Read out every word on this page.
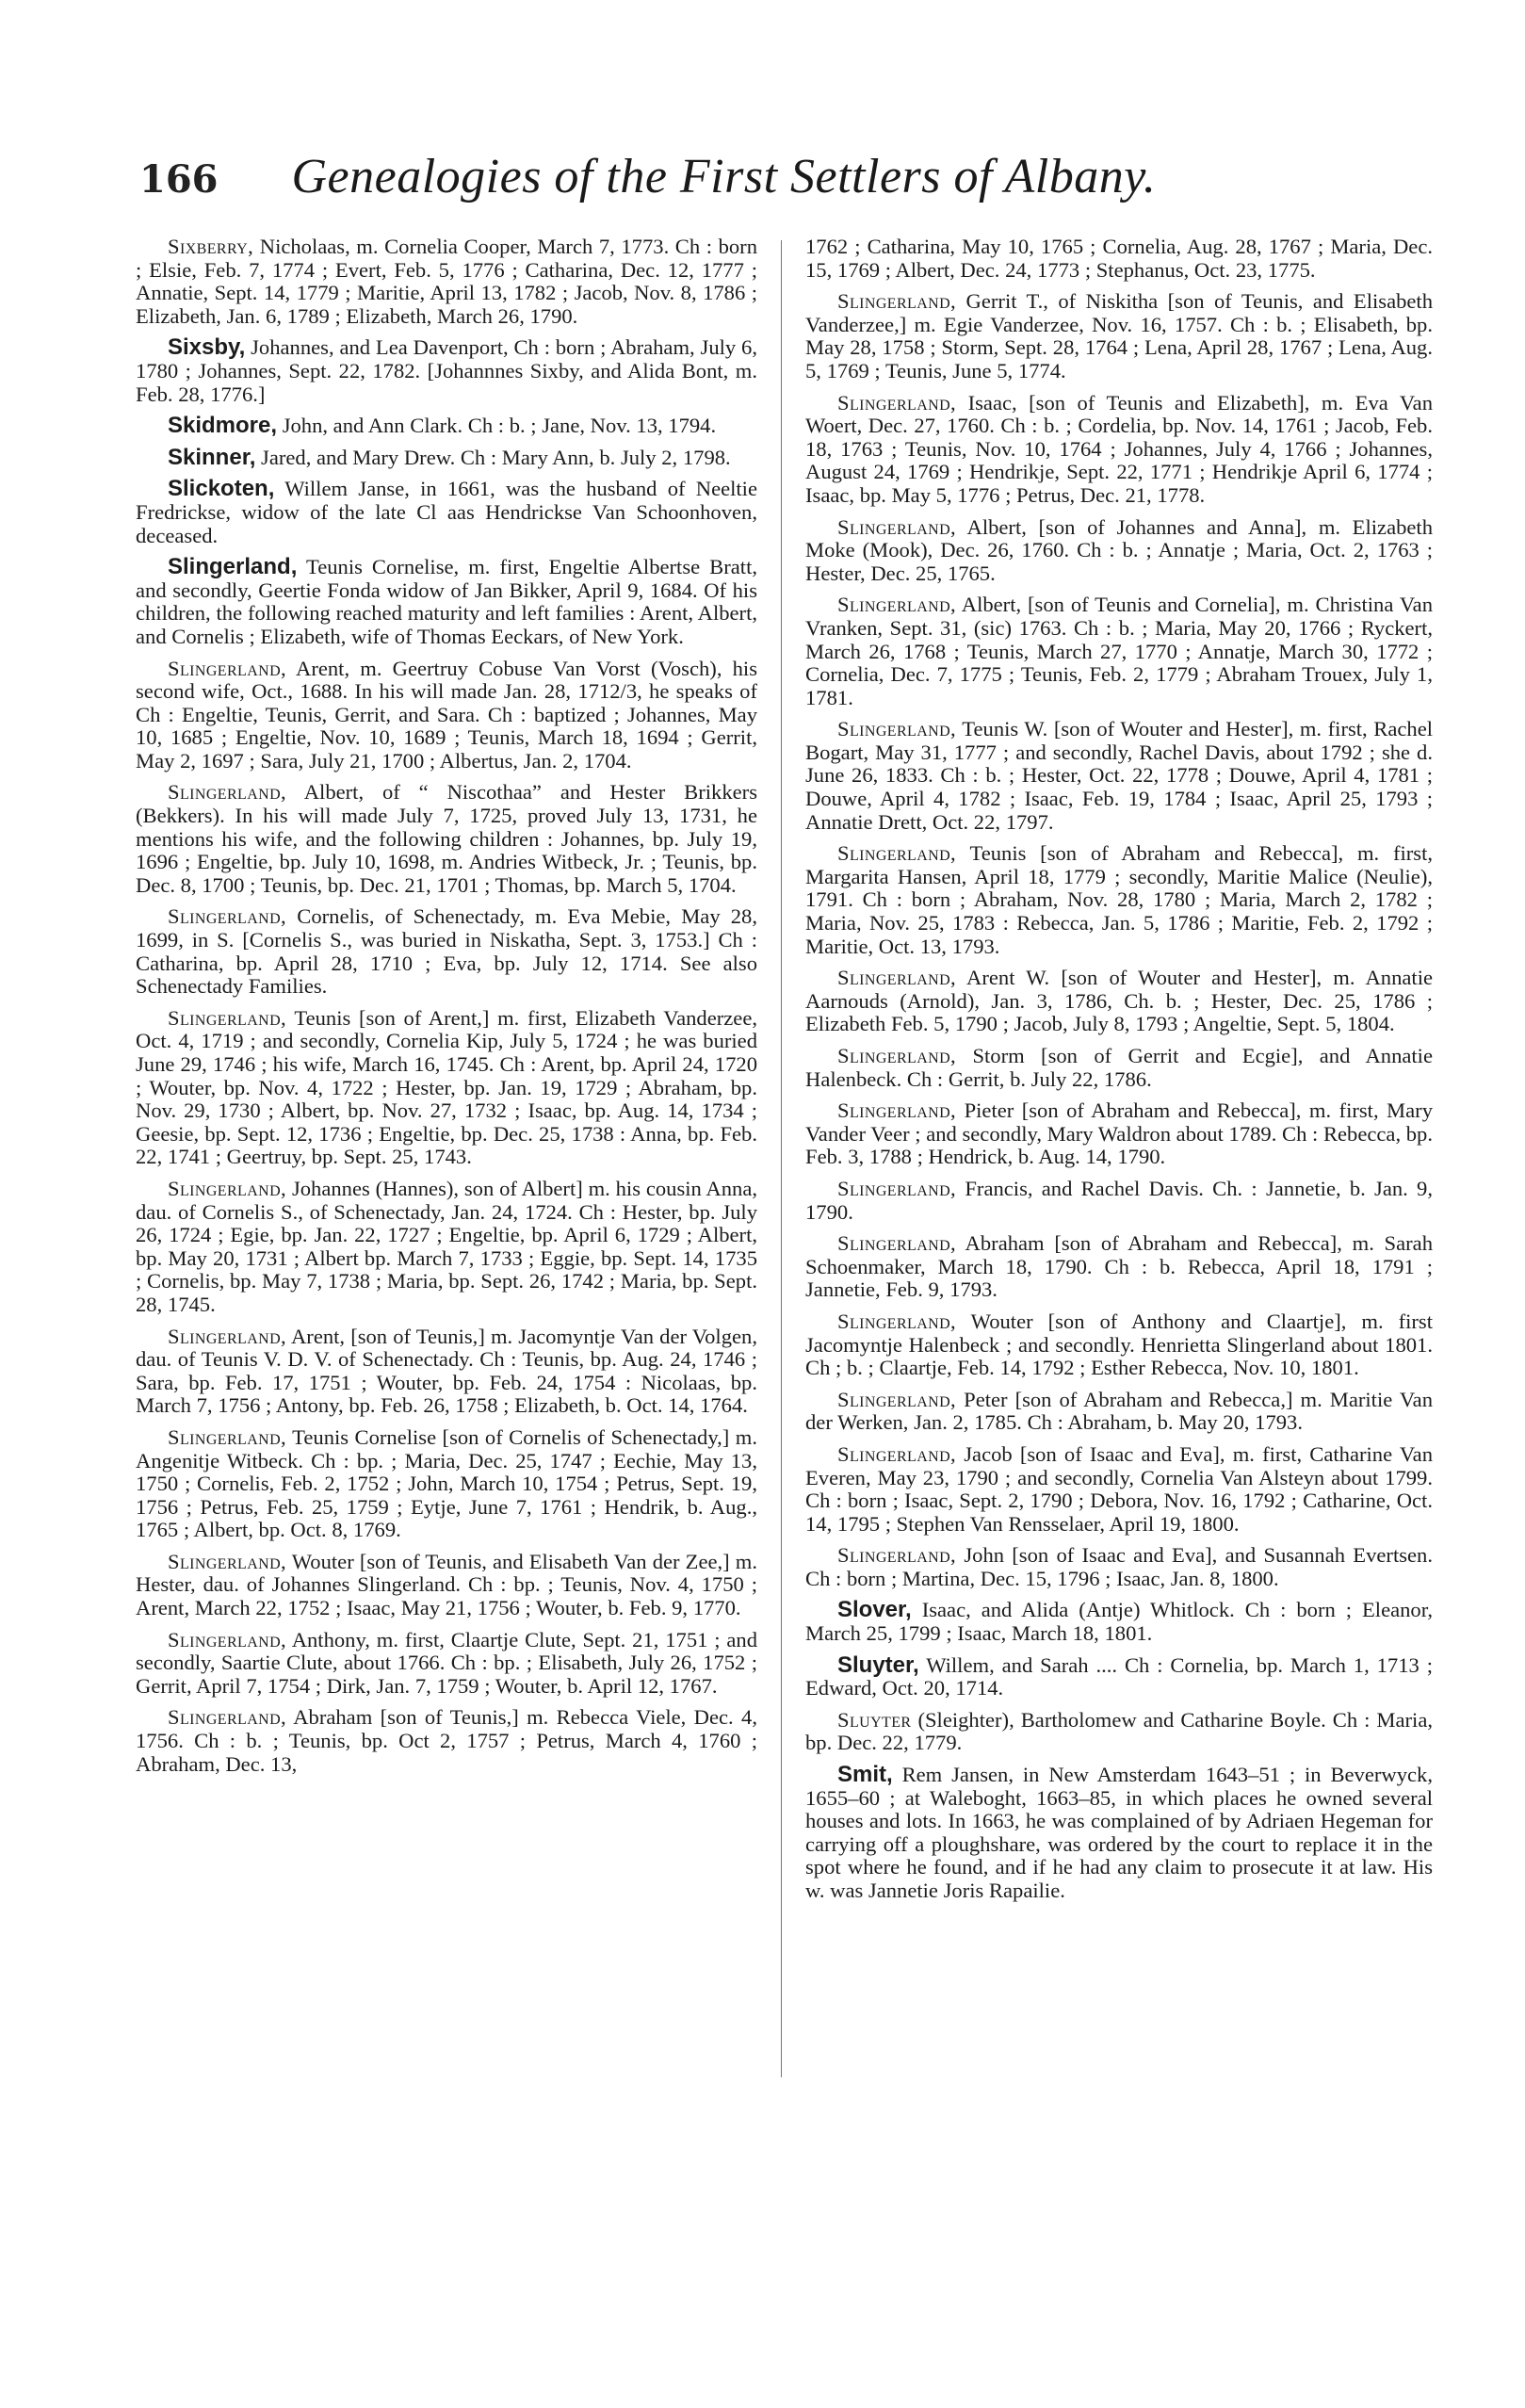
166 Genealogies of the First Settlers of Albany.

Sixberry, Nicholaas, m. Cornelia Cooper, March 7, 1773. Ch : born ; Elsie, Feb. 7, 1774 ; Evert, Feb. 5, 1776 ; Catharina, Dec. 12, 1777 ; Annatie, Sept. 14, 1779 ; Maritie, April 13, 1782 ; Jacob, Nov. 8, 1786 ; Elizabeth, Jan. 6, 1789 ; Elizabeth, March 26, 1790.

Sixsby, Johannes, and Lea Davenport, Ch : born ; Abraham, July 6, 1780 ; Johannes, Sept. 22, 1782. [Johannnes Sixby, and Alida Bont, m. Feb. 28, 1776.]

Skidmore, John, and Ann Clark. Ch : b. ; Jane, Nov. 13, 1794.

Skinner, Jared, and Mary Drew. Ch : Mary Ann, b. July 2, 1798.

Slickoten, Willem Janse, in 1661, was the husband of Neeltie Fredrickse, widow of the late Cl aas Hendrickse Van Schoonhoven, deceased.

Slingerland, Teunis Cornelise, m. first, Engeltie Albertse Bratt, and secondly, Geertie Fonda widow of Jan Bikker, April 9, 1684. Of his children, the following reached maturity and left families : Arent, Albert, and Cornelis ; Elizabeth, wife of Thomas Eeckars, of New York.

Slingerland, Arent, m. Geertruy Cobuse Van Vorst (Vosch), his second wife, Oct., 1688. In his will made Jan. 28, 1712/3, he speaks of Ch : Engeltie, Teunis, Gerrit, and Sara. Ch : baptized ; Johannes, May 10, 1685 ; Engeltie, Nov. 10, 1689 ; Teunis, March 18, 1694 ; Gerrit, May 2, 1697 ; Sara, July 21, 1700 ; Albertus, Jan. 2, 1704.

Slingerland, Albert, of “ Niscothaa” and Hester Brikkers (Bekkers). In his will made July 7, 1725, proved July 13, 1731, he mentions his wife, and the following children : Johannes, bp. July 19, 1696 ; Engeltie, bp. July 10, 1698, m. Andries Witbeck, Jr. ; Teunis, bp. Dec. 8, 1700 ; Teunis, bp. Dec. 21, 1701 ; Thomas, bp. March 5, 1704.

Slingerland, Cornelis, of Schenectady, m. Eva Mebie, May 28, 1699, in S. [Cornelis S., was buried in Niskatha, Sept. 3, 1753.] Ch : Catharina, bp. April 28, 1710 ; Eva, bp. July 12, 1714. See also Schenectady Families.

Slingerland, Teunis [son of Arent,] m. first, Elizabeth Vanderzee, Oct. 4, 1719 ; and secondly, Cornelia Kip, July 5, 1724 ; he was buried June 29, 1746 ; his wife, March 16, 1745. Ch : Arent, bp. April 24, 1720 ; Wouter, bp. Nov. 4, 1722 ; Hester, bp. Jan. 19, 1729 ; Abraham, bp. Nov. 29, 1730 ; Albert, bp. Nov. 27, 1732 ; Isaac, bp. Aug. 14, 1734 ; Geesie, bp. Sept. 12, 1736 ; Engeltie, bp. Dec. 25, 1738 : Anna, bp. Feb. 22, 1741 ; Geertruy, bp. Sept. 25, 1743.

Slingerland, Johannes (Hannes), son of Albert] m. his cousin Anna, dau. of Cornelis S., of Schenectady, Jan. 24, 1724. Ch : Hester, bp. July 26, 1724 ; Egie, bp. Jan. 22, 1727 ; Engeltie, bp. April 6, 1729 ; Albert, bp. May 20, 1731 ; Albert bp. March 7, 1733 ; Eggie, bp. Sept. 14, 1735 ; Cornelis, bp. May 7, 1738 ; Maria, bp. Sept. 26, 1742 ; Maria, bp. Sept. 28, 1745.

Slingerland, Arent, [son of Teunis,] m. Jacomyntje Van der Volgen, dau. of Teunis V. D. V. of Schenectady. Ch : Teunis, bp. Aug. 24, 1746 ; Sara, bp. Feb. 17, 1751 ; Wouter, bp. Feb. 24, 1754 : Nicolaas, bp. March 7, 1756 ; Antony, bp. Feb. 26, 1758 ; Elizabeth, b. Oct. 14, 1764.

Slingerland, Teunis Cornelise [son of Cornelis of Schenectady,] m. Angenitje Witbeck. Ch : bp. ; Maria, Dec. 25, 1747 ; Eechie, May 13, 1750 ; Cornelis, Feb. 2, 1752 ; John, March 10, 1754 ; Petrus, Sept. 19, 1756 ; Petrus, Feb. 25, 1759 ; Eytje, June 7, 1761 ; Hendrik, b. Aug., 1765 ; Albert, bp. Oct. 8, 1769.

Slingerland, Wouter [son of Teunis, and Elisabeth Van der Zee,] m. Hester, dau. of Johannes Slingerland. Ch : bp. ; Teunis, Nov. 4, 1750 ; Arent, March 22, 1752 ; Isaac, May 21, 1756 ; Wouter, b. Feb. 9, 1770.

Slingerland, Anthony, m. first, Claartje Clute, Sept. 21, 1751 ; and secondly, Saartie Clute, about 1766. Ch : bp. ; Elisabeth, July 26, 1752 ; Gerrit, April 7, 1754 ; Dirk, Jan. 7, 1759 ; Wouter, b. April 12, 1767.

Slingerland, Abraham [son of Teunis,] m. Rebecca Viele, Dec. 4, 1756. Ch : b. ; Teunis, bp. Oct 2, 1757 ; Petrus, March 4, 1760 ; Abraham, Dec. 13,

1762 ; Catharina, May 10, 1765 ; Cornelia, Aug. 28, 1767 ; Maria, Dec. 15, 1769 ; Albert, Dec. 24, 1773 ; Stephanus, Oct. 23, 1775.

Slingerland, Gerrit T., of Niskitha [son of Teunis, and Elisabeth Vanderzee,] m. Egie Vanderzee, Nov. 16, 1757. Ch : b. ; Elisabeth, bp. May 28, 1758 ; Storm, Sept. 28, 1764 ; Lena, April 28, 1767 ; Lena, Aug. 5, 1769 ; Teunis, June 5, 1774.

Slingerland, Isaac, [son of Teunis and Elizabeth], m. Eva Van Woert, Dec. 27, 1760. Ch : b. ; Cordelia, bp. Nov. 14, 1761 ; Jacob, Feb. 18, 1763 ; Teunis, Nov. 10, 1764 ; Johannes, July 4, 1766 ; Johannes, August 24, 1769 ; Hendrikje, Sept. 22, 1771 ; Hendrikje April 6, 1774 ; Isaac, bp. May 5, 1776 ; Petrus, Dec. 21, 1778.

Slingerland, Albert, [son of Johannes and Anna], m. Elizabeth Moke (Mook), Dec. 26, 1760. Ch : b. ; Annatje ; Maria, Oct. 2, 1763 ; Hester, Dec. 25, 1765.

Slingerland, Albert, [son of Teunis and Cornelia], m. Christina Van Vranken, Sept. 31, (sic) 1763. Ch : b. ; Maria, May 20, 1766 ; Ryckert, March 26, 1768 ; Teunis, March 27, 1770 ; Annatje, March 30, 1772 ; Cornelia, Dec. 7, 1775 ; Teunis, Feb. 2, 1779 ; Abraham Trouex, July 1, 1781.

Slingerland, Teunis W. [son of Wouter and Hester], m. first, Rachel Bogart, May 31, 1777 ; and secondly, Rachel Davis, about 1792 ; she d. June 26, 1833. Ch : b. ; Hester, Oct. 22, 1778 ; Douwe, April 4, 1781 ; Douwe, April 4, 1782 ; Isaac, Feb. 19, 1784 ; Isaac, April 25, 1793 ; Annatie Drett, Oct. 22, 1797.

Slingerland, Teunis [son of Abraham and Rebecca], m. first, Margarita Hansen, April 18, 1779 ; secondly, Maritie Malice (Neulie), 1791. Ch : born ; Abraham, Nov. 28, 1780 ; Maria, March 2, 1782 ; Maria, Nov. 25, 1783 : Rebecca, Jan. 5, 1786 ; Maritie, Feb. 2, 1792 ; Maritie, Oct. 13, 1793.

Slingerland, Arent W. [son of Wouter and Hester], m. Annatie Aarnouds (Arnold), Jan. 3, 1786, Ch. b. ; Hester, Dec. 25, 1786 ; Elizabeth Feb. 5, 1790 ; Jacob, July 8, 1793 ; Angeltie, Sept. 5, 1804.

Slingerland, Storm [son of Gerrit and Ecgie], and Annatie Halenbeck. Ch : Gerrit, b. July 22, 1786.

Slingerland, Pieter [son of Abraham and Rebecca], m. first, Mary Vander Veer ; and secondly, Mary Waldron about 1789. Ch : Rebecca, bp. Feb. 3, 1788 ; Hendrick, b. Aug. 14, 1790.

Slingerland, Francis, and Rachel Davis. Ch. : Jannetie, b. Jan. 9, 1790.

Slingerland, Abraham [son of Abraham and Rebecca], m. Sarah Schoenmaker, March 18, 1790. Ch : b. Rebecca, April 18, 1791 ; Jannetie, Feb. 9, 1793.

Slingerland, Wouter [son of Anthony and Claartje], m. first Jacomyntje Halenbeck ; and secondly. Henrietta Slingerland about 1801. Ch ; b. ; Claartje, Feb. 14, 1792 ; Esther Rebecca, Nov. 10, 1801.

Slingerland, Peter [son of Abraham and Rebecca,] m. Maritie Van der Werken, Jan. 2, 1785. Ch : Abraham, b. May 20, 1793.

Slingerland, Jacob [son of Isaac and Eva], m. first, Catharine Van Everen, May 23, 1790 ; and secondly, Cornelia Van Alsteyn about 1799. Ch : born ; Isaac, Sept. 2, 1790 ; Debora, Nov. 16, 1792 ; Catharine, Oct. 14, 1795 ; Stephen Van Rensselaer, April 19, 1800.

Slingerland, John [son of Isaac and Eva], and Susannah Evertsen. Ch : born ; Martina, Dec. 15, 1796 ; Isaac, Jan. 8, 1800.

Slover, Isaac, and Alida (Antje) Whitlock. Ch : born ; Eleanor, March 25, 1799 ; Isaac, March 18, 1801.

Sluyter, Willem, and Sarah .... Ch : Cornelia, bp. March 1, 1713 ; Edward, Oct. 20, 1714.

Sluyter (Sleighter), Bartholomew and Catharine Boyle. Ch : Maria, bp. Dec. 22, 1779.

Smit, Rem Jansen, in New Amsterdam 1643–51 ; in Beverwyck, 1655–60 ; at Waleboght, 1663–85, in which places he owned several houses and lots. In 1663, he was complained of by Adriaen Hegeman for carrying off a ploughshare, was ordered by the court to replace it in the spot where he found, and if he had any claim to prosecute it at law. His w. was Jannetie Joris Rapailie.
